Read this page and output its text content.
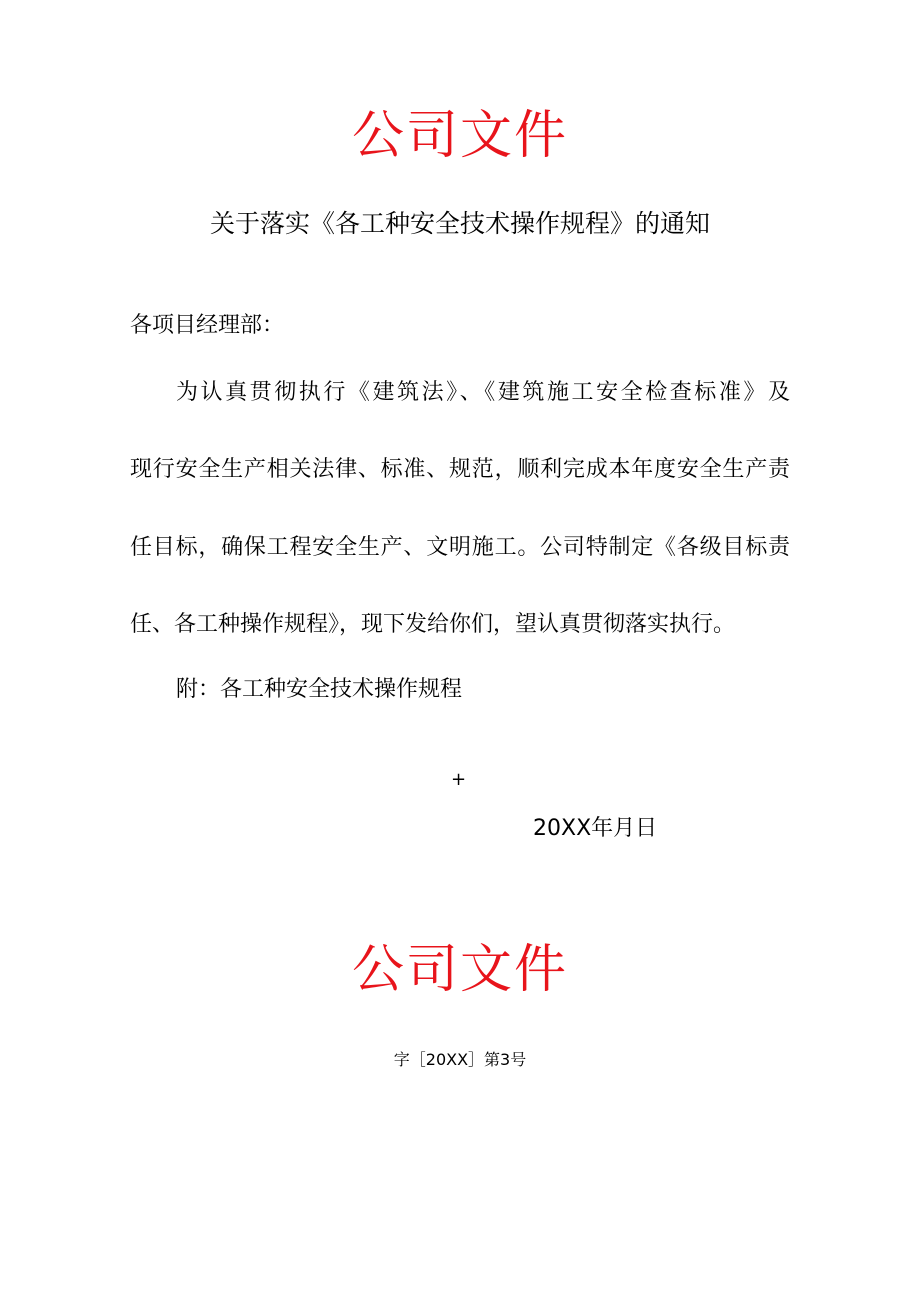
公司文件
关于落实《各工种安全技术操作规程》的通知

各项目经理部：

为认真贯彻执行《建筑法》、《建筑施工安全检查标准》及

现行安全生产相关法律、标准、规范，顺利完成本年度安全生产责

任目标，确保工程安全生产、文明施工。公司特制定《各级目标责

任、各工种操作规程》，现下发给你们，望认真贯彻落实执行。

附：各工种安全技术操作规程

+

20XX年月日

公司文件

字［20XX］第3号
